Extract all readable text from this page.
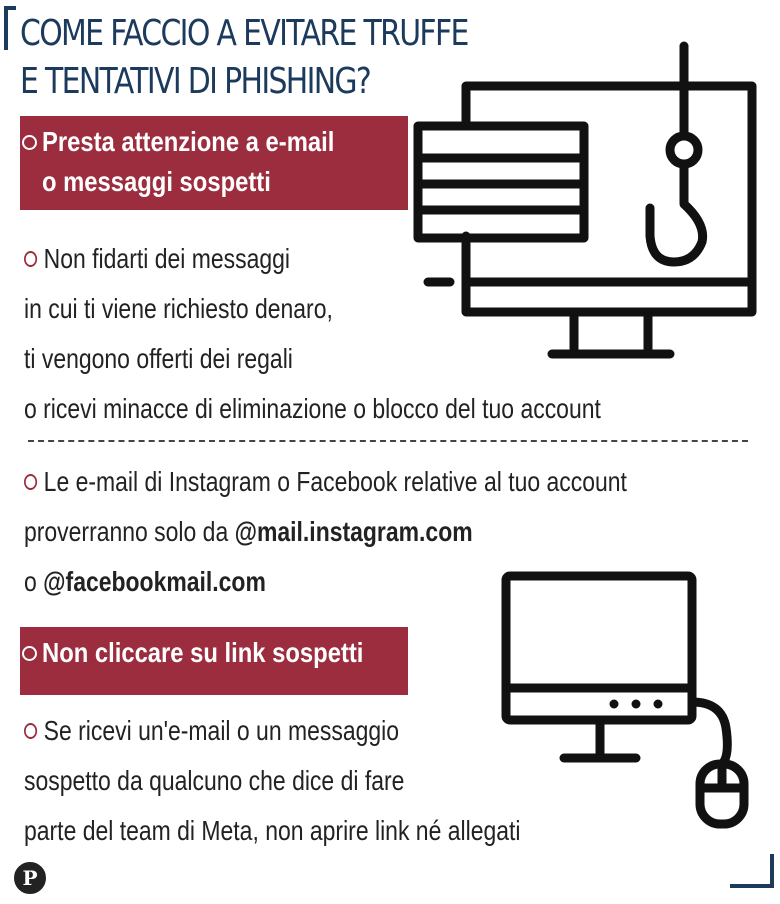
COME FACCIO A EVITARE TRUFFE
E TENTATIVI DI PHISHING?
Presta attenzione a e-mail
o messaggi sospetti
Non fidarti dei messaggi
in cui ti viene richiesto denaro,
ti vengono offerti dei regali
o ricevi minacce di eliminazione o blocco del tuo account
Le e-mail di Instagram o Facebook relative al tuo account
proverranno solo da @mail.instagram.com
o @facebookmail.com
Non cliccare su link sospetti
Se ricevi un'e-mail o un messaggio
sospetto da qualcuno che dice di fare
parte del team di Meta, non aprire link né allegati
P
